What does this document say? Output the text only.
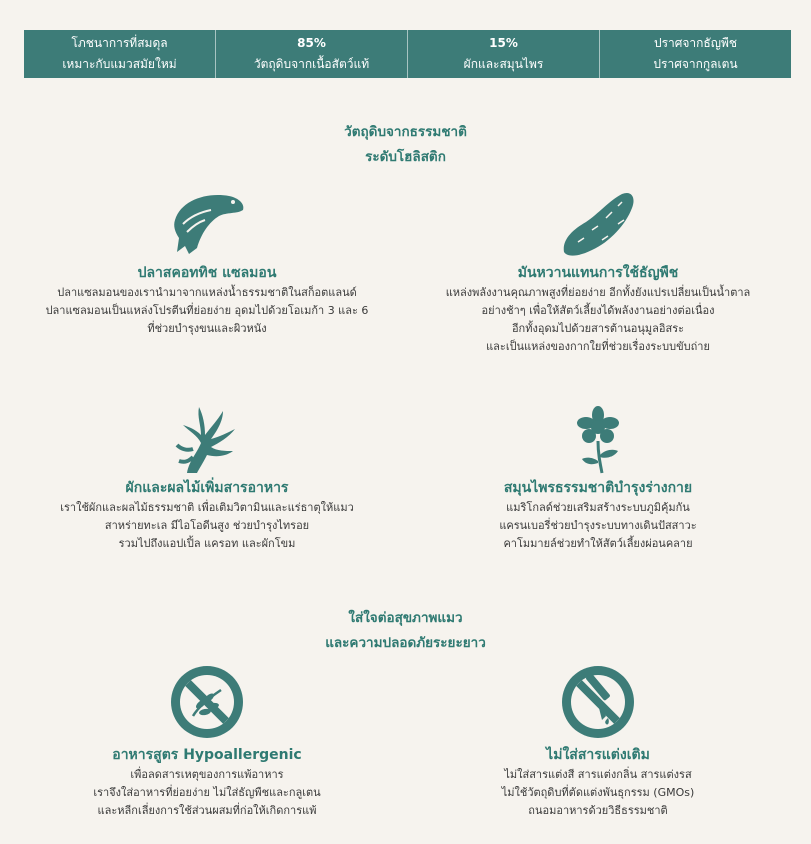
โภชนาการที่สมดุล
เหมาะกับแมวสมัยใหม่
85%
วัตถุดิบจากเนื้อสัตว์แท้
15%
ผักและสมุนไพร
ปราศจากธัญพืช
ปราศจากกูลเตน
วัตถุดิบจากธรรมชาติ
ระดับโฮลิสติก
ปลาสคอททิช แซลมอน
ปลาแซลมอนของเรานำมาจากแหล่งน้ำธรรมชาติในสก็อตแลนด์
ปลาแซลมอนเป็นแหล่งโปรตีนที่ย่อยง่าย อุดมไปด้วยโอเมก้า 3 และ 6
ที่ช่วยบำรุงขนและผิวหนัง
มันหวานแทนการใช้ธัญพืช
แหล่งพลังงานคุณภาพสูงที่ย่อยง่าย อีกทั้งยังแปรเปลี่ยนเป็นน้ำตาล
อย่างช้าๆ เพื่อให้สัตว์เลี้ยงได้พลังงานอย่างต่อเนื่อง
อีกทั้งอุดมไปด้วยสารต้านอนุมูลอิสระ
และเป็นแหล่งของกากใยที่ช่วยเรื่องระบบขับถ่าย
ผักและผลไม้เพิ่มสารอาหาร
เราใช้ผักและผลไม้ธรรมชาติ เพื่อเติมวิตามินและแร่ธาตุให้แมว
สาหร่ายทะเล มีไอโอดีนสูง ช่วยบำรุงไทรอย
รวมไปถึงแอปเปิ้ล แครอท และผักโขม
สมุนไพรธรรมชาติบำรุงร่างกาย
แมริโกลด์ช่วยเสริมสร้างระบบภูมิคุ้มกัน
แครนเบอรี่ช่วยบำรุงระบบทางเดินปัสสาวะ
คาโมมายล์ช่วยทำให้สัตว์เลี้ยงผ่อนคลาย
ใส่ใจต่อสุขภาพแมว
และความปลอดภัยระยะยาว
อาหารสูตร Hypoallergenic
เพื่อลดสารเหตุของการแพ้อาหาร
เราจึงใส่อาหารที่ย่อยง่าย ไม่ใส่ธัญพืชและกลูเตน
และหลีกเลี่ยงการใช้ส่วนผสมที่ก่อให้เกิดการแพ้
ไม่ใส่สารแต่งเติม
ไม่ใส่สารแต่งสี สารแต่งกลิ่น สารแต่งรส
ไม่ใช้วัตถุดิบที่ตัดแต่งพันธุกรรม (GMOs)
ถนอมอาหารด้วยวิธีธรรมชาติ
